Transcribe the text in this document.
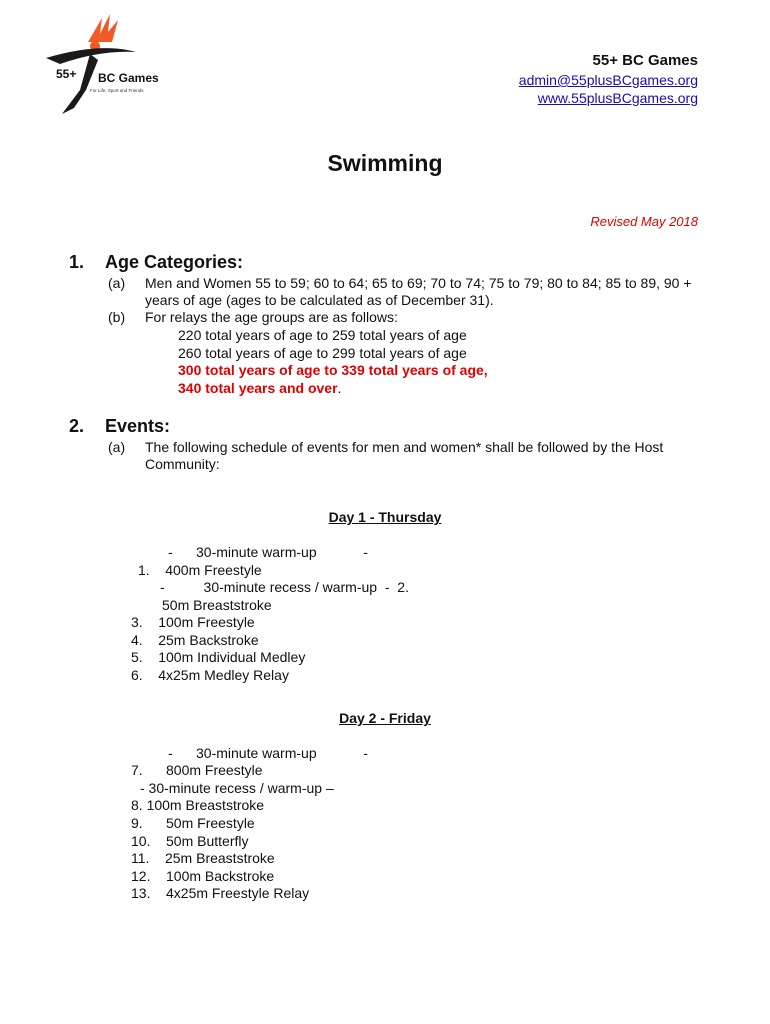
55+ BC Games
For Life, Sport and Friends
55+ BC Games
admin@55plusBCgames.org
www.55plusBCgames.org
Swimming
Revised May 2018
1. Age Categories:
(a) Men and Women 55 to 59; 60 to 64; 65 to 69; 70 to 74; 75 to 79; 80 to 84; 85 to 89, 90 +
years of age (ages to be calculated as of December 31).
(b) For relays the age groups are as follows:
220 total years of age to 259 total years of age
260 total years of age to 299 total years of age
300 total years of age to 339 total years of age,
340 total years and over.
2. Events:
(a) The following schedule of events for men and women* shall be followed by the Host
Community:
Day 1 - Thursday
-      30-minute warm-up            -
1.    400m Freestyle
-          30-minute recess / warm-up  -  2.
50m Breaststroke
3.    100m Freestyle
4.    25m Backstroke
5.    100m Individual Medley
6.    4x25m Medley Relay
Day 2 - Friday
-      30-minute warm-up            -
7.      800m Freestyle
- 30-minute recess / warm-up –
8. 100m Breaststroke
9.      50m Freestyle
10.    50m Butterfly
11.    25m Breaststroke
12.    100m Backstroke
13.    4x25m Freestyle Relay
